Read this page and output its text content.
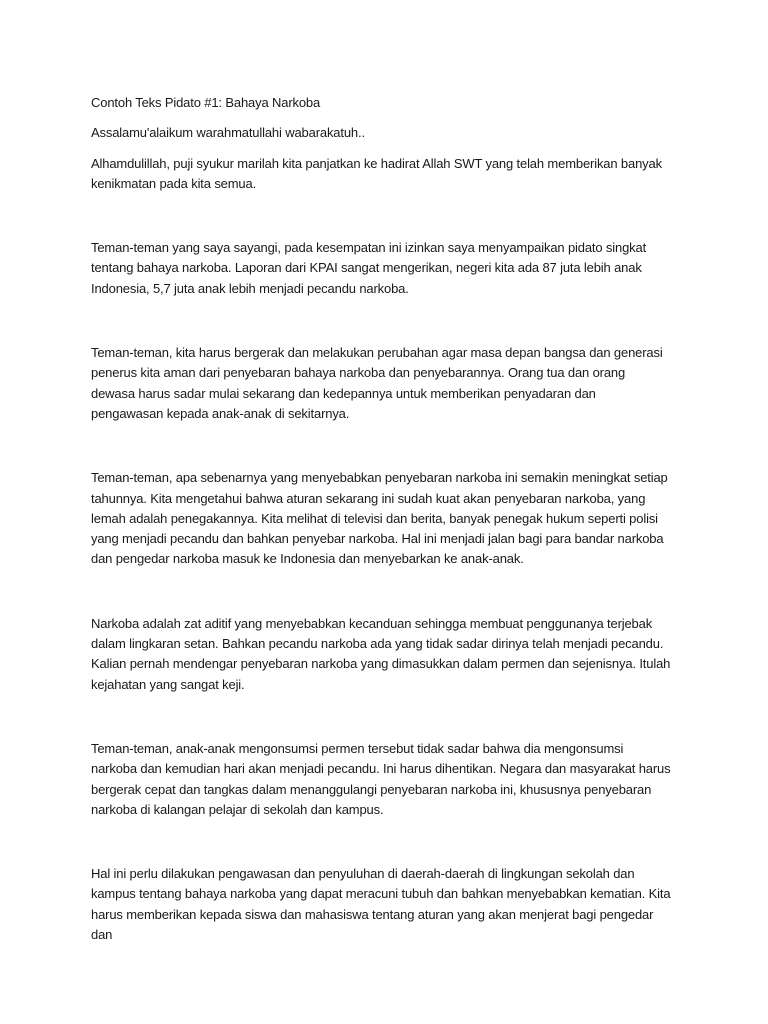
Contoh Teks Pidato #1: Bahaya Narkoba

Assalamu'alaikum warahmatullahi wabarakatuh..

Alhamdulillah, puji syukur marilah kita panjatkan ke hadirat Allah SWT yang telah memberikan banyak kenikmatan pada kita semua.

Teman-teman yang saya sayangi, pada kesempatan ini izinkan saya menyampaikan pidato singkat tentang bahaya narkoba. Laporan dari KPAI sangat mengerikan, negeri kita ada 87 juta lebih anak Indonesia, 5,7 juta anak lebih menjadi pecandu narkoba.

Teman-teman, kita harus bergerak dan melakukan perubahan agar masa depan bangsa dan generasi penerus kita aman dari penyebaran bahaya narkoba dan penyebarannya. Orang tua dan orang dewasa harus sadar mulai sekarang dan kedepannya untuk memberikan penyadaran dan pengawasan kepada anak-anak di sekitarnya.

Teman-teman, apa sebenarnya yang menyebabkan penyebaran narkoba ini semakin meningkat setiap tahunnya. Kita mengetahui bahwa aturan sekarang ini sudah kuat akan penyebaran narkoba, yang lemah adalah penegakannya. Kita melihat di televisi dan berita, banyak penegak hukum seperti polisi yang menjadi pecandu dan bahkan penyebar narkoba. Hal ini menjadi jalan bagi para bandar narkoba dan pengedar narkoba masuk ke Indonesia dan menyebarkan ke anak-anak.

Narkoba adalah zat aditif yang menyebabkan kecanduan sehingga membuat penggunanya terjebak dalam lingkaran setan. Bahkan pecandu narkoba ada yang tidak sadar dirinya telah menjadi pecandu. Kalian pernah mendengar penyebaran narkoba yang dimasukkan dalam permen dan sejenisnya. Itulah kejahatan yang sangat keji.

Teman-teman, anak-anak mengonsumsi permen tersebut tidak sadar bahwa dia mengonsumsi narkoba dan kemudian hari akan menjadi pecandu. Ini harus dihentikan. Negara dan masyarakat harus bergerak cepat dan tangkas dalam menanggulangi penyebaran narkoba ini, khususnya penyebaran narkoba di kalangan pelajar di sekolah dan kampus.

Hal ini perlu dilakukan pengawasan dan penyuluhan di daerah-daerah di lingkungan sekolah dan kampus tentang bahaya narkoba yang dapat meracuni tubuh dan bahkan menyebabkan kematian. Kita harus memberikan kepada siswa dan mahasiswa tentang aturan yang akan menjerat bagi pengedar dan
